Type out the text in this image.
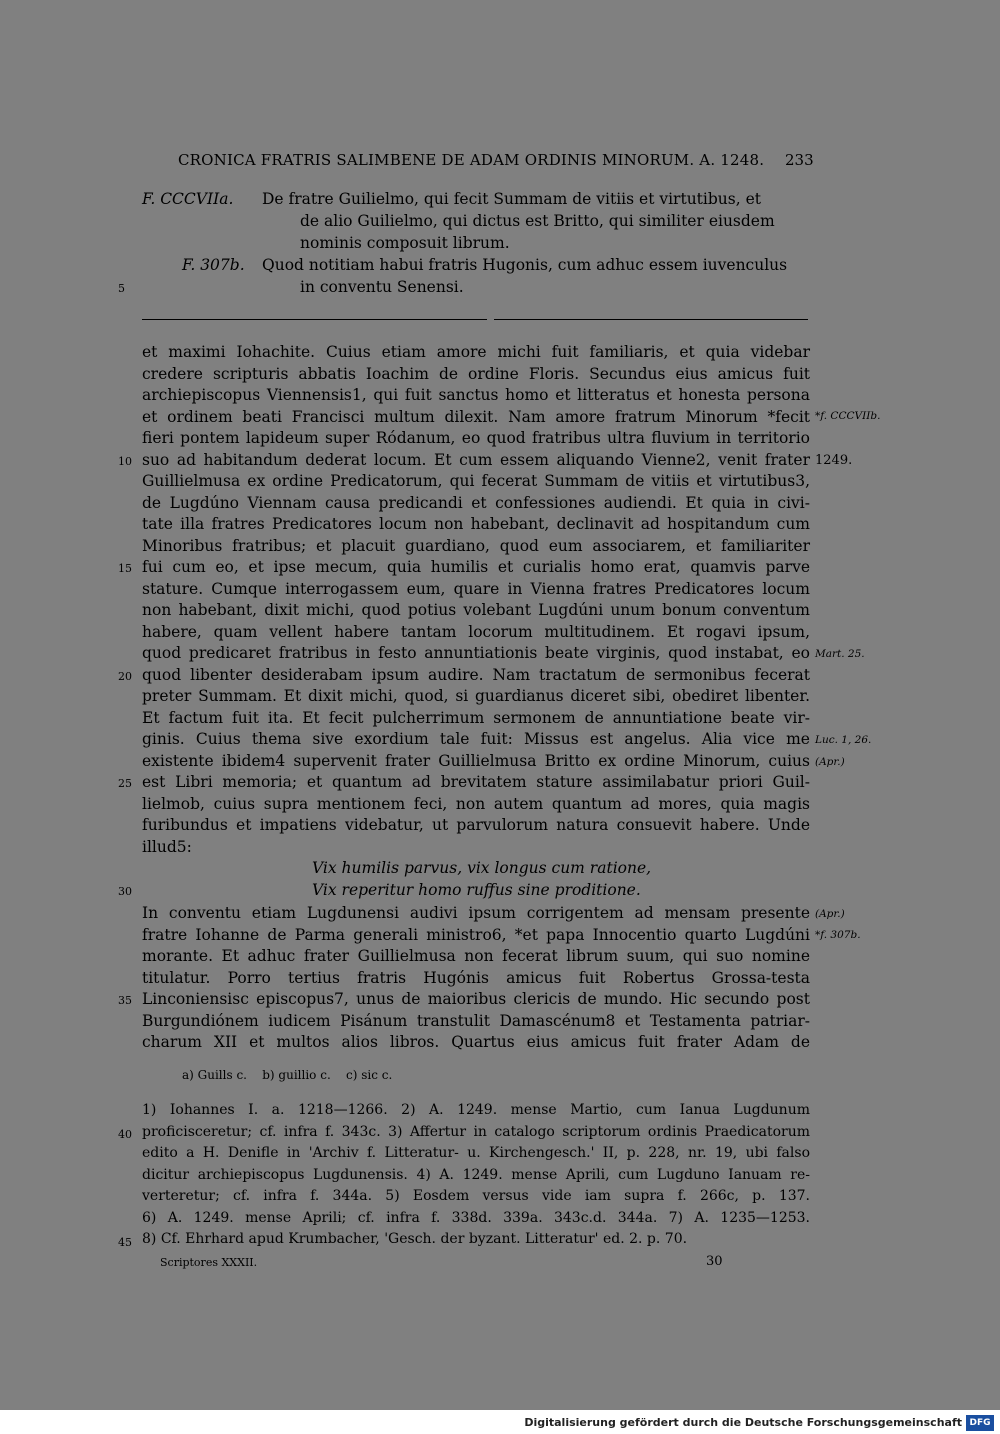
CRONICA FRATRIS SALIMBENE DE ADAM ORDINIS MINORUM. A. 1248. 233
F. CCCVIIa. De fratre Guilielmo, qui fecit Summam de vitiis et virtutibus, et
de alio Guilielmo, qui dictus est Britto, qui similiter eiusdem
nominis composuit librum.
F. 307b. Quod notitiam habui fratris Hugonis, cum adhuc essem iuvenculus
in conventu Senensi.
5
et maximi Iohachite. Cuius etiam amore michi fuit familiaris, et quia videbar
credere scripturis abbatis Ioachim de ordine Floris. Secundus eius amicus fuit
archiepiscopus Viennensis1, qui fuit sanctus homo et litteratus et honesta persona
et ordinem beati Francisci multum dilexit. Nam amore fratrum Minorum *fecit
fieri pontem lapideum super Ródanum, eo quod fratribus ultra fluvium in territorio
suo ad habitandum dederat locum. Et cum essem aliquando Vienne2, venit frater
Guillielmusa ex ordine Predicatorum, qui fecerat Summam de vitiis et virtutibus3,
de Lugdúno Viennam causa predicandi et confessiones audiendi. Et quia in civi-
tate illa fratres Predicatores locum non habebant, declinavit ad hospitandum cum
Minoribus fratribus; et placuit guardiano, quod eum associarem, et familiariter
fui cum eo, et ipse mecum, quia humilis et curialis homo erat, quamvis parve
stature. Cumque interrogassem eum, quare in Vienna fratres Predicatores locum
non habebant, dixit michi, quod potius volebant Lugdúni unum bonum conventum
habere, quam vellent habere tantam locorum multitudinem. Et rogavi ipsum,
quod predicaret fratribus in festo annuntiationis beate virginis, quod instabat, eo
quod libenter desiderabam ipsum audire. Nam tractatum de sermonibus fecerat
preter Summam. Et dixit michi, quod, si guardianus diceret sibi, obediret libenter.
Et factum fuit ita. Et fecit pulcherrimum sermonem de annuntiatione beate vir-
ginis. Cuius thema sive exordium tale fuit: Missus est angelus. Alia vice me
existente ibidem4 supervenit frater Guillielmusa Britto ex ordine Minorum, cuius
est Libri memoria; et quantum ad brevitatem stature assimilabatur priori Guil-
lielmob, cuius supra mentionem feci, non autem quantum ad mores, quia magis
furibundus et impatiens videbatur, ut parvulorum natura consuevit habere. Unde
illud5:
Vix humilis parvus, vix longus cum ratione,
Vix reperitur homo ruffus sine proditione.
In conventu etiam Lugdunensi audivi ipsum corrigentem ad mensam presente
fratre Iohanne de Parma generali ministro6, *et papa Innocentio quarto Lugdúni
morante. Et adhuc frater Guillielmusa non fecerat librum suum, qui suo nomine
titulatur. Porro tertius fratris Hugónis amicus fuit Robertus Grossa-testa
Linconiensisc episcopus7, unus de maioribus clericis de mundo. Hic secundo post
Burgundiónem iudicem Pisánum transtulit Damascénum8 et Testamenta patriar-
charum XII et multos alios libros. Quartus eius amicus fuit frater Adam de
10
15
20
25
30
35
40
45
*f. CCCVIIb.
1249.
Mart. 25.
Luc. 1, 26.
(Apr.)
(Apr.)
*f. 307b.
a) Guills c.    b) guillio c.    c) sic c.
1) Iohannes I. a. 1218—1266. 2) A. 1249. mense Martio, cum Ianua Lugdunum
proficisceretur; cf. infra f. 343c. 3) Affertur in catalogo scriptorum ordinis Praedicatorum
edito a H. Denifle in 'Archiv f. Litteratur- u. Kirchengesch.' II, p. 228, nr. 19, ubi falso
dicitur archiepiscopus Lugdunensis. 4) A. 1249. mense Aprili, cum Lugduno Ianuam re-
verteretur; cf. infra f. 344a. 5) Eosdem versus vide iam supra f. 266c, p. 137.
6) A. 1249. mense Aprili; cf. infra f. 338d. 339a. 343c.d. 344a. 7) A. 1235—1253.
8) Cf. Ehrhard apud Krumbacher, 'Gesch. der byzant. Litteratur' ed. 2. p. 70.
Scriptores XXXII.	30
Digitalisierung gefördert durch die Deutsche Forschungsgemeinschaft DFG
